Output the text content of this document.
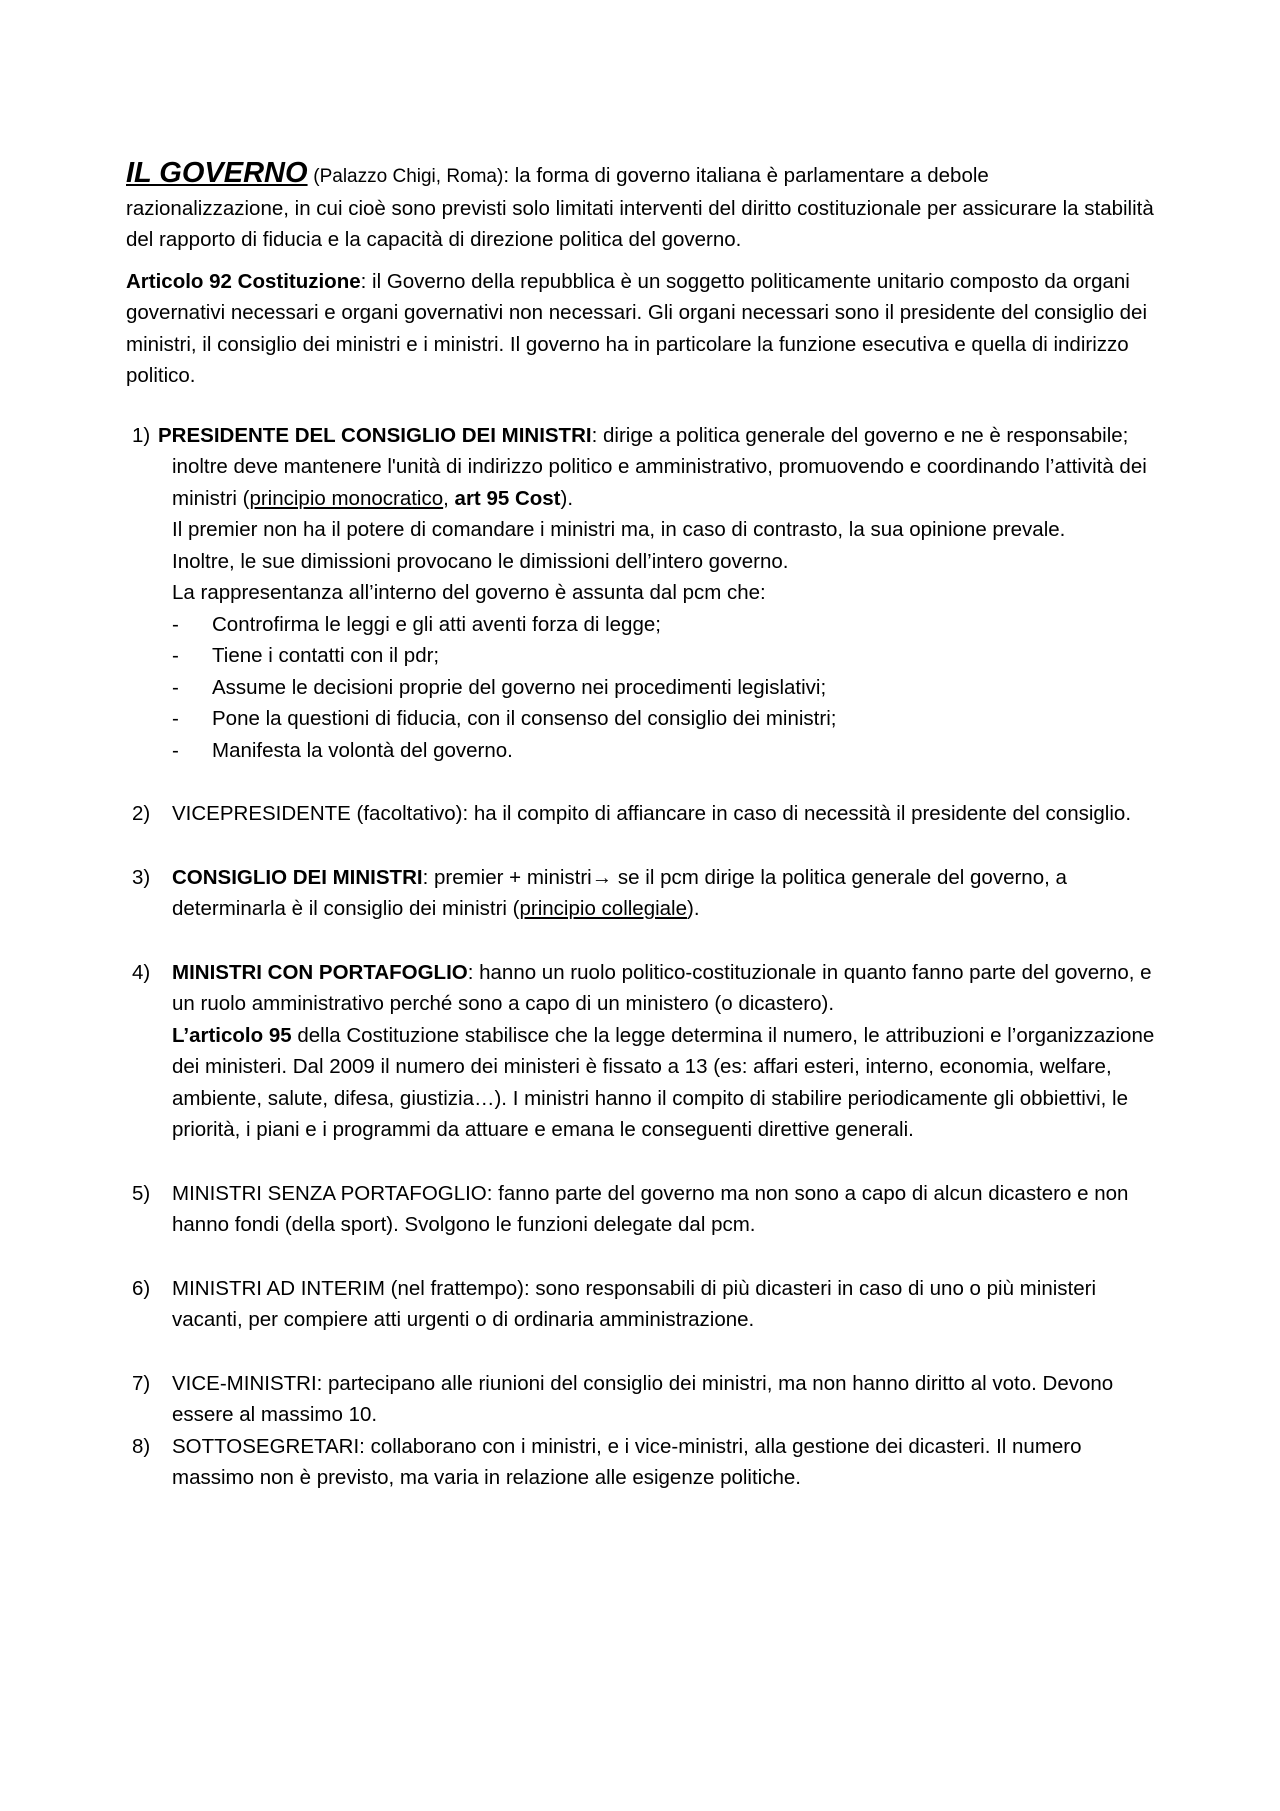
IL GOVERNO (Palazzo Chigi, Roma): la forma di governo italiana è parlamentare a debole razionalizzazione, in cui cioè sono previsti solo limitati interventi del diritto costituzionale per assicurare la stabilità del rapporto di fiducia e la capacità di direzione politica del governo.

Articolo 92 Costituzione: il Governo della repubblica è un soggetto politicamente unitario composto da organi governativi necessari e organi governativi non necessari. Gli organi necessari sono il presidente del consiglio dei ministri, il consiglio dei ministri e i ministri. Il governo ha in particolare la funzione esecutiva e quella di indirizzo politico.

1) PRESIDENTE DEL CONSIGLIO DEI MINISTRI: dirige a politica generale del governo e ne è responsabile; inoltre deve mantenere l'unità di indirizzo politico e amministrativo, promuovendo e coordinando l’attività dei ministri (principio monocratico, art 95 Cost).
Il premier non ha il potere di comandare i ministri ma, in caso di contrasto, la sua opinione prevale.
Inoltre, le sue dimissioni provocano le dimissioni dell’intero governo.
La rappresentanza all’interno del governo è assunta dal pcm che:
- Controfirma le leggi e gli atti aventi forza di legge;
- Tiene i contatti con il pdr;
- Assume le decisioni proprie del governo nei procedimenti legislativi;
- Pone la questioni di fiducia, con il consenso del consiglio dei ministri;
- Manifesta la volontà del governo.
2) VICEPRESIDENTE (facoltativo): ha il compito di affiancare in caso di necessità il presidente del consiglio.
3) CONSIGLIO DEI MINISTRI: premier + ministri→ se il pcm dirige la politica generale del governo, a determinarla è il consiglio dei ministri (principio collegiale).
4) MINISTRI CON PORTAFOGLIO: hanno un ruolo politico-costituzionale in quanto fanno parte del governo, e un ruolo amministrativo perché sono a capo di un ministero (o dicastero).
L’articolo 95 della Costituzione stabilisce che la legge determina il numero, le attribuzioni e l’organizzazione dei ministeri. Dal 2009 il numero dei ministeri è fissato a 13 (es: affari esteri, interno, economia, welfare, ambiente, salute, difesa, giustizia…). I ministri hanno il compito di stabilire periodicamente gli obbiettivi, le priorità, i piani e i programmi da attuare e emana le conseguenti direttive generali.
5) MINISTRI SENZA PORTAFOGLIO: fanno parte del governo ma non sono a capo di alcun dicastero e non hanno fondi (della sport). Svolgono le funzioni delegate dal pcm.
6) MINISTRI AD INTERIM (nel frattempo): sono responsabili di più dicasteri in caso di uno o più ministeri vacanti, per compiere atti urgenti o di ordinaria amministrazione.
7) VICE-MINISTRI: partecipano alle riunioni del consiglio dei ministri, ma non hanno diritto al voto. Devono essere al massimo 10.
8) SOTTOSEGRETARI: collaborano con i ministri, e i vice-ministri, alla gestione dei dicasteri. Il numero massimo non è previsto, ma varia in relazione alle esigenze politiche.
